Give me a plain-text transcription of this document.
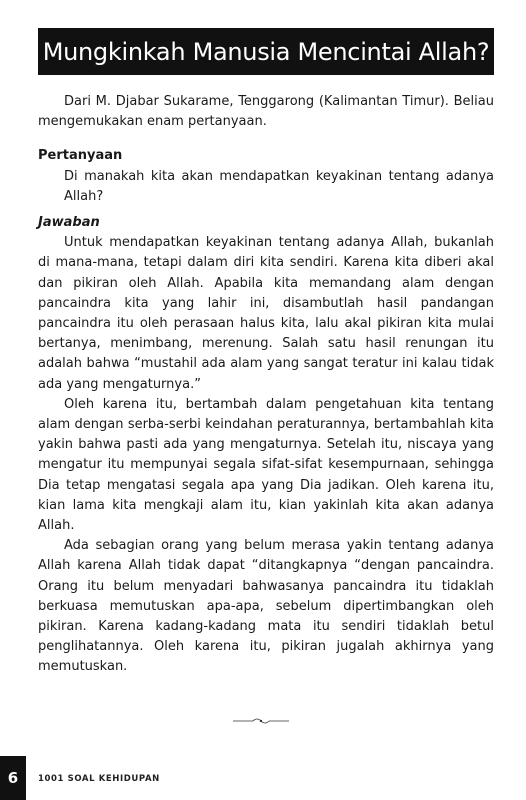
Mungkinkah Manusia Mencintai Allah?

Dari M. Djabar Sukarame, Tenggarong (Kalimantan Timur). Beliau mengemukakan enam pertanyaan.

Pertanyaan

Di manakah kita akan mendapatkan keyakinan tentang adanya Allah?

Jawaban

Untuk mendapatkan keyakinan tentang adanya Allah, bukanlah di mana-mana, tetapi dalam diri kita sendiri. Karena kita diberi akal dan pikiran oleh Allah. Apabila kita memandang alam dengan pancaindra kita yang lahir ini, disambutlah hasil pandangan pancaindra itu oleh perasaan halus kita, lalu akal pikiran kita mulai bertanya, menimbang, merenung. Salah satu hasil renungan itu adalah bahwa “mustahil ada alam yang sangat teratur ini kalau tidak ada yang mengaturnya.”

Oleh karena itu, bertambah dalam pengetahuan kita tentang alam dengan serba-serbi keindahan peraturannya, bertambahlah kita yakin bahwa pasti ada yang mengaturnya. Setelah itu, niscaya yang mengatur itu mempunyai segala sifat-sifat kesempurnaan, sehingga Dia tetap mengatasi segala apa yang Dia jadikan. Oleh karena itu, kian lama kita mengkaji alam itu, kian yakinlah kita akan adanya Allah.

Ada sebagian orang yang belum merasa yakin tentang adanya Allah karena Allah tidak dapat “ditangkapnya “dengan pancaindra. Orang itu belum menyadari bahwasanya pancaindra itu tidaklah berkuasa memutuskan apa-apa, sebelum dipertimbangkan oleh pikiran. Karena kadang-kadang mata itu sendiri tidaklah betul penglihatannya. Oleh karena itu, pikiran jugalah akhirnya yang memutuskan.

6 1001 SOAL KEHIDUPAN
